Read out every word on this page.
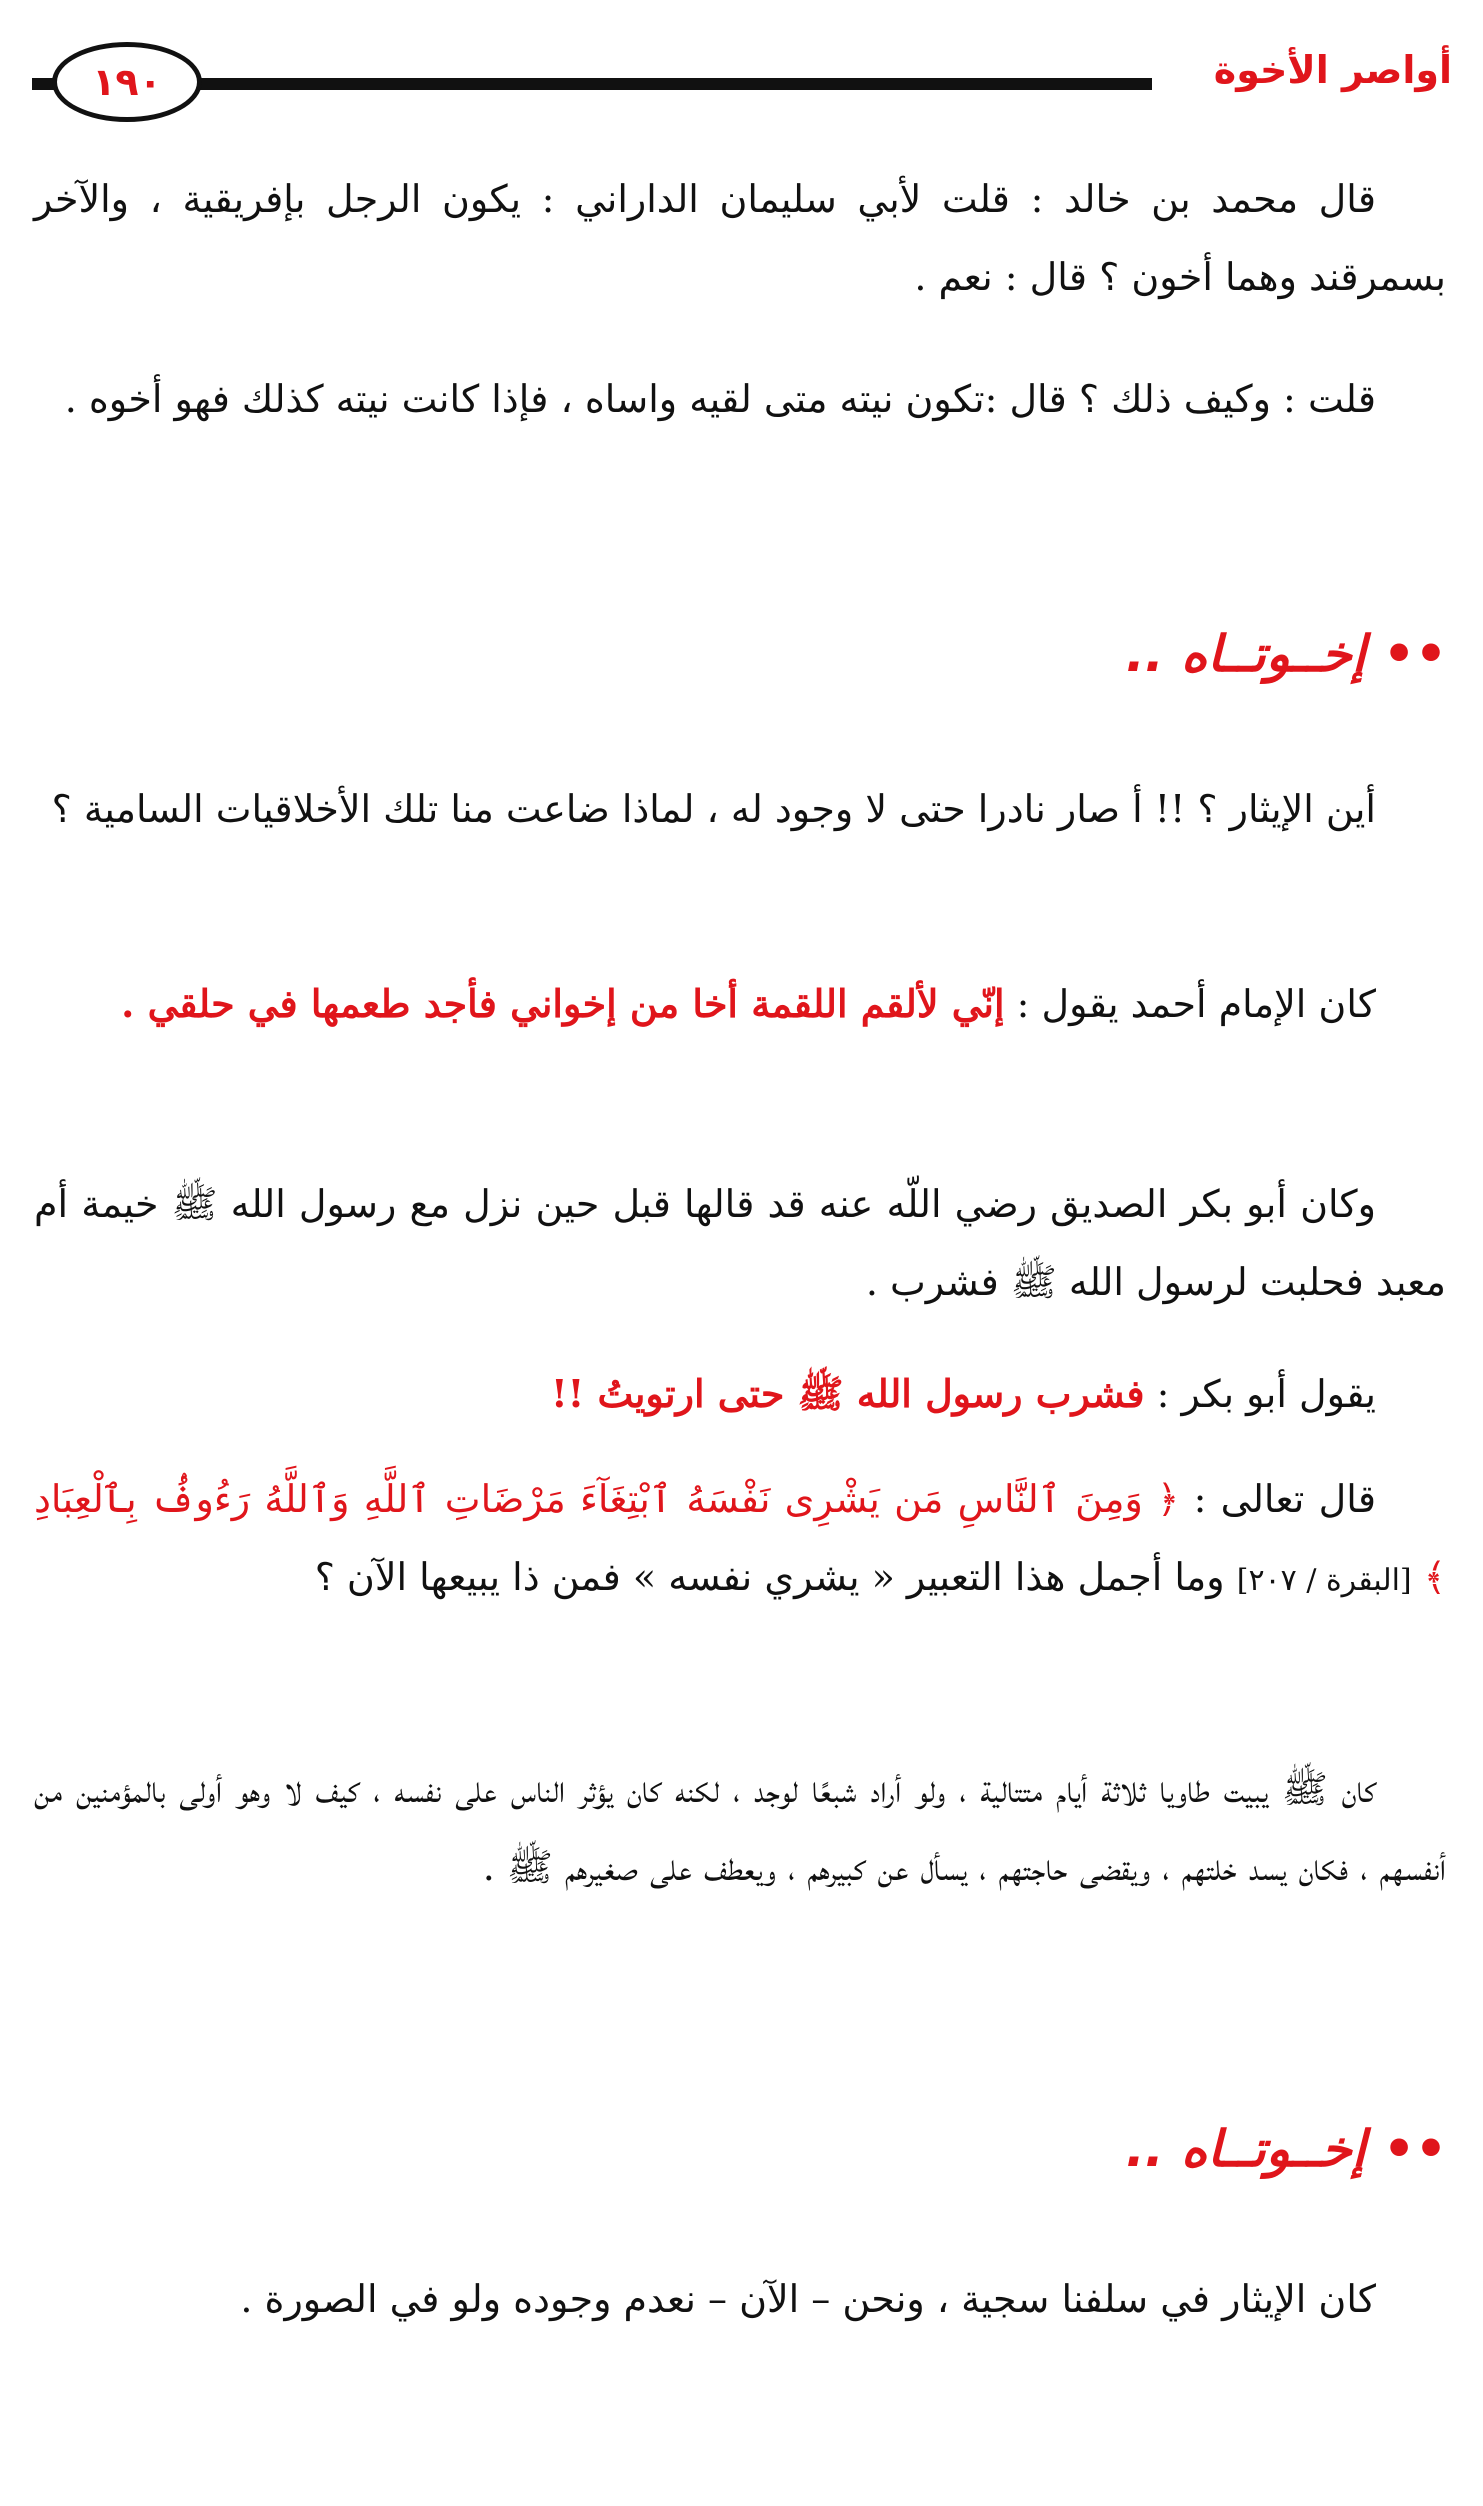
١٩٠	أواصر الأخوة

قال محمد بن خالد : قلت لأبي سليمان الداراني : يكون الرجل بإفريقية ، والآخر بسمرقند وهما أخون ؟ قال : نعم .

قلت : وكيف ذلك ؟ قال :تكون نيته متى لقيه واساه ، فإذا كانت نيته كذلك فهو أخوه .

•• إخــوتــاه ..

أين الإيثار ؟ !! أ صار نادرا حتى لا وجود له ، لماذا ضاعت منا تلك الأخلاقيات السامية ؟

كان الإمام أحمد يقول : إنّي لألقم اللقمة أخا من إخواني فأجد طعمها في حلقي .

وكان أبو بكر الصديق رضي اللّه عنه قد قالها قبل حين نزل مع رسول الله ﷺ خيمة أم معبد فحلبت لرسول الله ﷺ فشرب .

يقول أبو بكر : فشرب رسول الله ﷺ حتى ارتويتُ !!

قال تعالى : ﴿ وَمِنَ ٱلنَّاسِ مَن يَشْرِى نَفْسَهُ ٱبْتِغَآءَ مَرْضَاتِ ٱللَّهِ وَٱللَّهُ رَءُوفُۢ بِٱلْعِبَادِ ﴾ [البقرة / ٢٠٧] وما أجمل هذا التعبير « يشري نفسه » فمن ذا يبيعها الآن ؟

كان ﷺ يبيت طاويا ثلاثة أيام متتالية ، ولو أراد شبعًا لوجد ، لكنه كان يؤثر الناس على نفسه ، كيف لا وهو أولى بالمؤمنين من أنفسهم ، فكان يسد خلتهم ، ويقضى حاجتهم ، يسأل عن كبيرهم ، ويعطف على صغيرهم ﷺ .

•• إخــوتــاه ..

كان الإيثار في سلفنا سجية ، ونحن – الآن – نعدم وجوده ولو في الصورة .
